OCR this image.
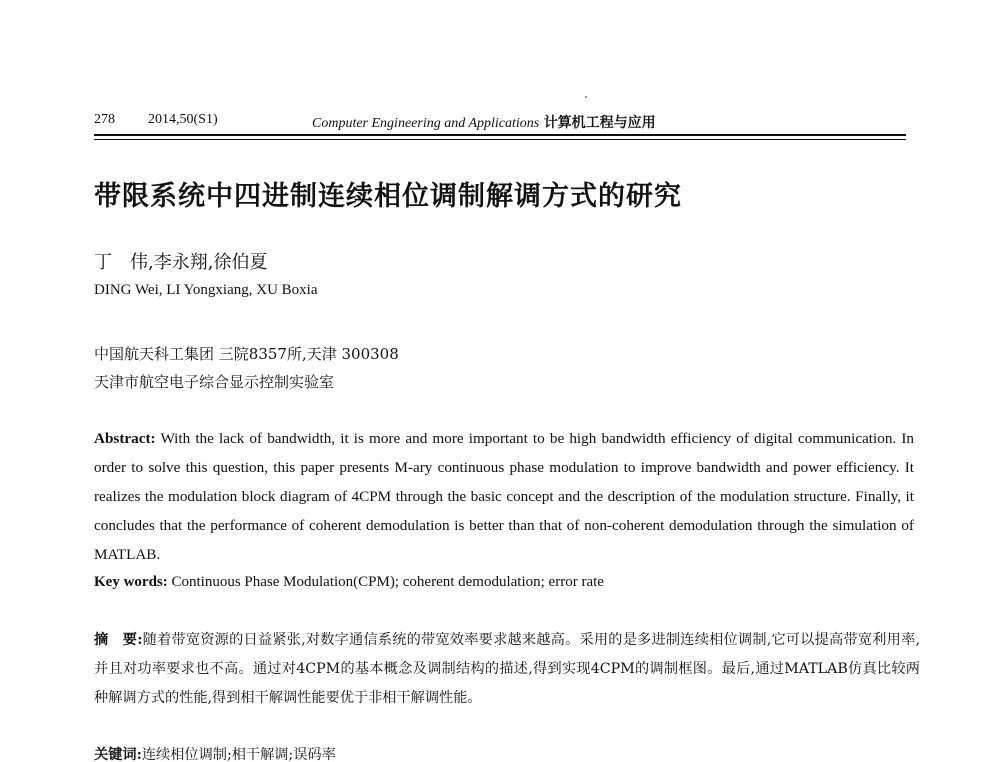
278 2014,50(S1)	Computer Engineering and Applications 计算机工程与应用
带限系统中四进制连续相位调制解调方式的研究
丁　伟,李永翔,徐伯夏
DING Wei, LI Yongxiang, XU Boxia
中国航天科工集团 三院8357所,天津 300308
天津市航空电子综合显示控制实验室
Abstract: With the lack of bandwidth, it is more and more important to be high bandwidth efficiency of digital communication. In order to solve this question, this paper presents M-ary continuous phase modulation to improve bandwidth and power efficiency. It realizes the modulation block diagram of 4CPM through the basic concept and the description of the modulation structure. Finally, it concludes that the performance of coherent demodulation is better than that of non-coherent demodulation through the simulation of MATLAB.
Key words: Continuous Phase Modulation(CPM); coherent demodulation; error rate
摘　要:随着带宽资源的日益紧张,对数字通信系统的带宽效率要求越来越高。采用的是多进制连续相位调制,它可以提高带宽利用率,并且对功率要求也不高。通过对4CPM的基本概念及调制结构的描述,得到实现4CPM的调制框图。最后,通过MATLAB仿真比较两种解调方式的性能,得到相干解调性能要优于非相干解调性能。
关键词:连续相位调制;相干解调;误码率
